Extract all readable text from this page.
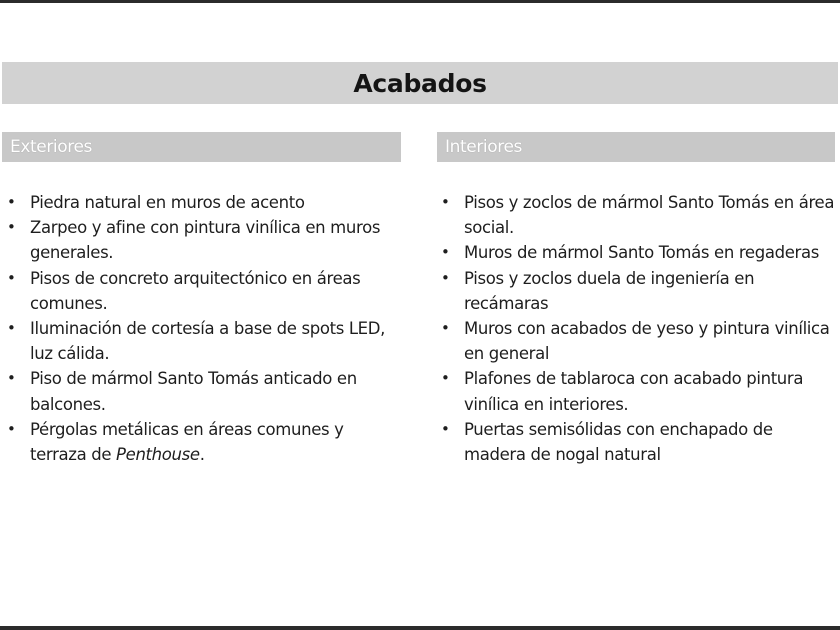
Acabados
Exteriores	Interiores
• Piedra natural en muros de acento
• Zarpeo y afine con pintura vinílica en muros generales.
• Pisos de concreto arquitectónico en áreas comunes.
• Iluminación de cortesía a base de spots LED, luz cálida.
• Piso de mármol Santo Tomás anticado en balcones.
• Pérgolas metálicas en áreas comunes y terraza de Penthouse.
• Pisos y zoclos de mármol Santo Tomás en área social.
• Muros de mármol Santo Tomás en regaderas
• Pisos y zoclos duela de ingeniería en recámaras
• Muros con acabados de yeso y pintura vinílica en general
• Plafones de tablaroca con acabado pintura vinílica en interiores.
• Puertas semisólidas con enchapado de madera de nogal natural
